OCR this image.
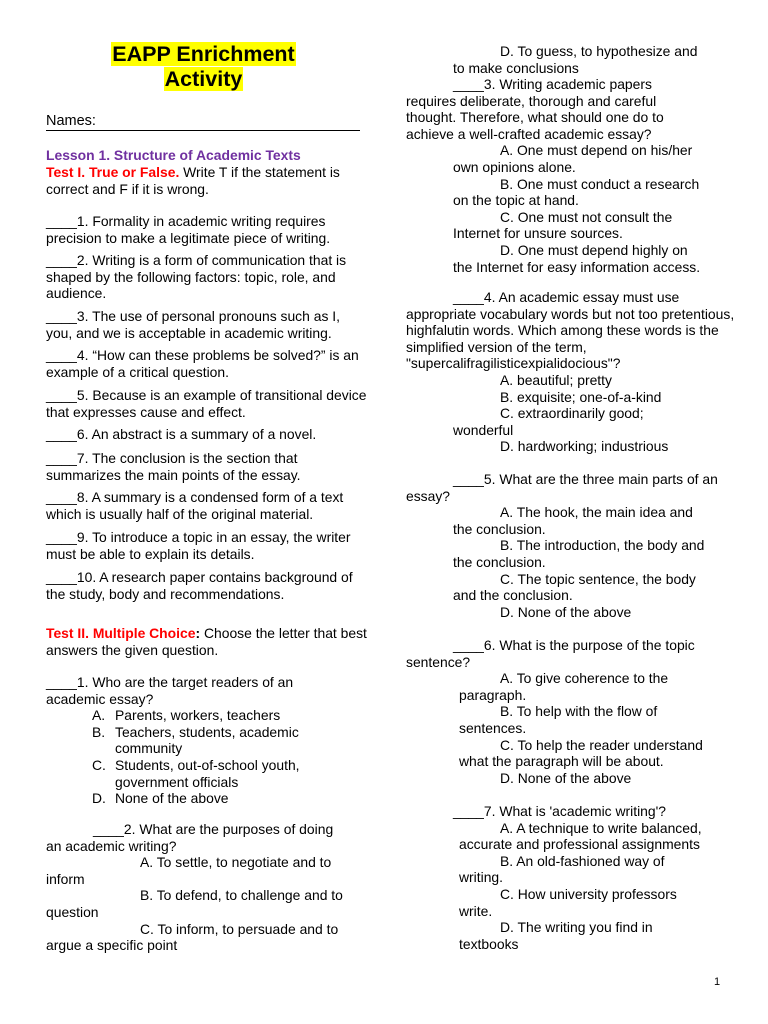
EAPP Enrichment
Activity
Names:
Lesson 1. Structure of Academic Texts
Test I. True or False. Write T if the statement is correct and F if it is wrong.
____1. Formality in academic writing requires precision to make a legitimate piece of writing.
____2. Writing is a form of communication that is shaped by the following factors: topic, role, and audience.
____3. The use of personal pronouns such as I, you, and we is acceptable in academic writing.
____4. “How can these problems be solved?” is an example of a critical question.
____5. Because is an example of transitional device that expresses cause and effect.
____6. An abstract is a summary of a novel.
____7. The conclusion is the section that summarizes the main points of the essay.
____8. A summary is a condensed form of a text which is usually half of the original material.
____9. To introduce a topic in an essay, the writer must be able to explain its details.
____10. A research paper contains background of the study, body and recommendations.
Test II. Multiple Choice: Choose the letter that best answers the given question.
____1. Who are the target readers of an
academic essay?
A. Parents, workers, teachers
B. Teachers, students, academic
community
C. Students, out-of-school youth,
government officials
D. None of the above
____2. What are the purposes of doing
an academic writing?
A. To settle, to negotiate and to
inform
B. To defend, to challenge and to
question
C. To inform, to persuade and to
argue a specific point
D. To guess, to hypothesize and
to make conclusions
____3. Writing academic papers
requires deliberate, thorough and careful
thought. Therefore, what should one do to
achieve a well-crafted academic essay?
A. One must depend on his/her
own opinions alone.
B. One must conduct a research
on the topic at hand.
C. One must not consult the
Internet for unsure sources.
D. One must depend highly on
the Internet for easy information access.
____4. An academic essay must use
appropriate vocabulary words but not too pretentious,
highfalutin words. Which among these words is the
simplified version of the term,
"supercalifragilisticexpialidocious"?
A. beautiful; pretty
B. exquisite; one-of-a-kind
C. extraordinarily good;
wonderful
D. hardworking; industrious
____5. What are the three main parts of an
essay?
A. The hook, the main idea and
the conclusion.
B. The introduction, the body and
the conclusion.
C. The topic sentence, the body
and the conclusion.
D. None of the above
____6. What is the purpose of the topic
sentence?
A. To give coherence to the
paragraph.
B. To help with the flow of
sentences.
C. To help the reader understand
what the paragraph will be about.
D. None of the above
____7. What is 'academic writing'?
A. A technique to write balanced,
accurate and professional assignments
B. An old-fashioned way of
writing.
C. How university professors
write.
D. The writing you find in
textbooks
1
